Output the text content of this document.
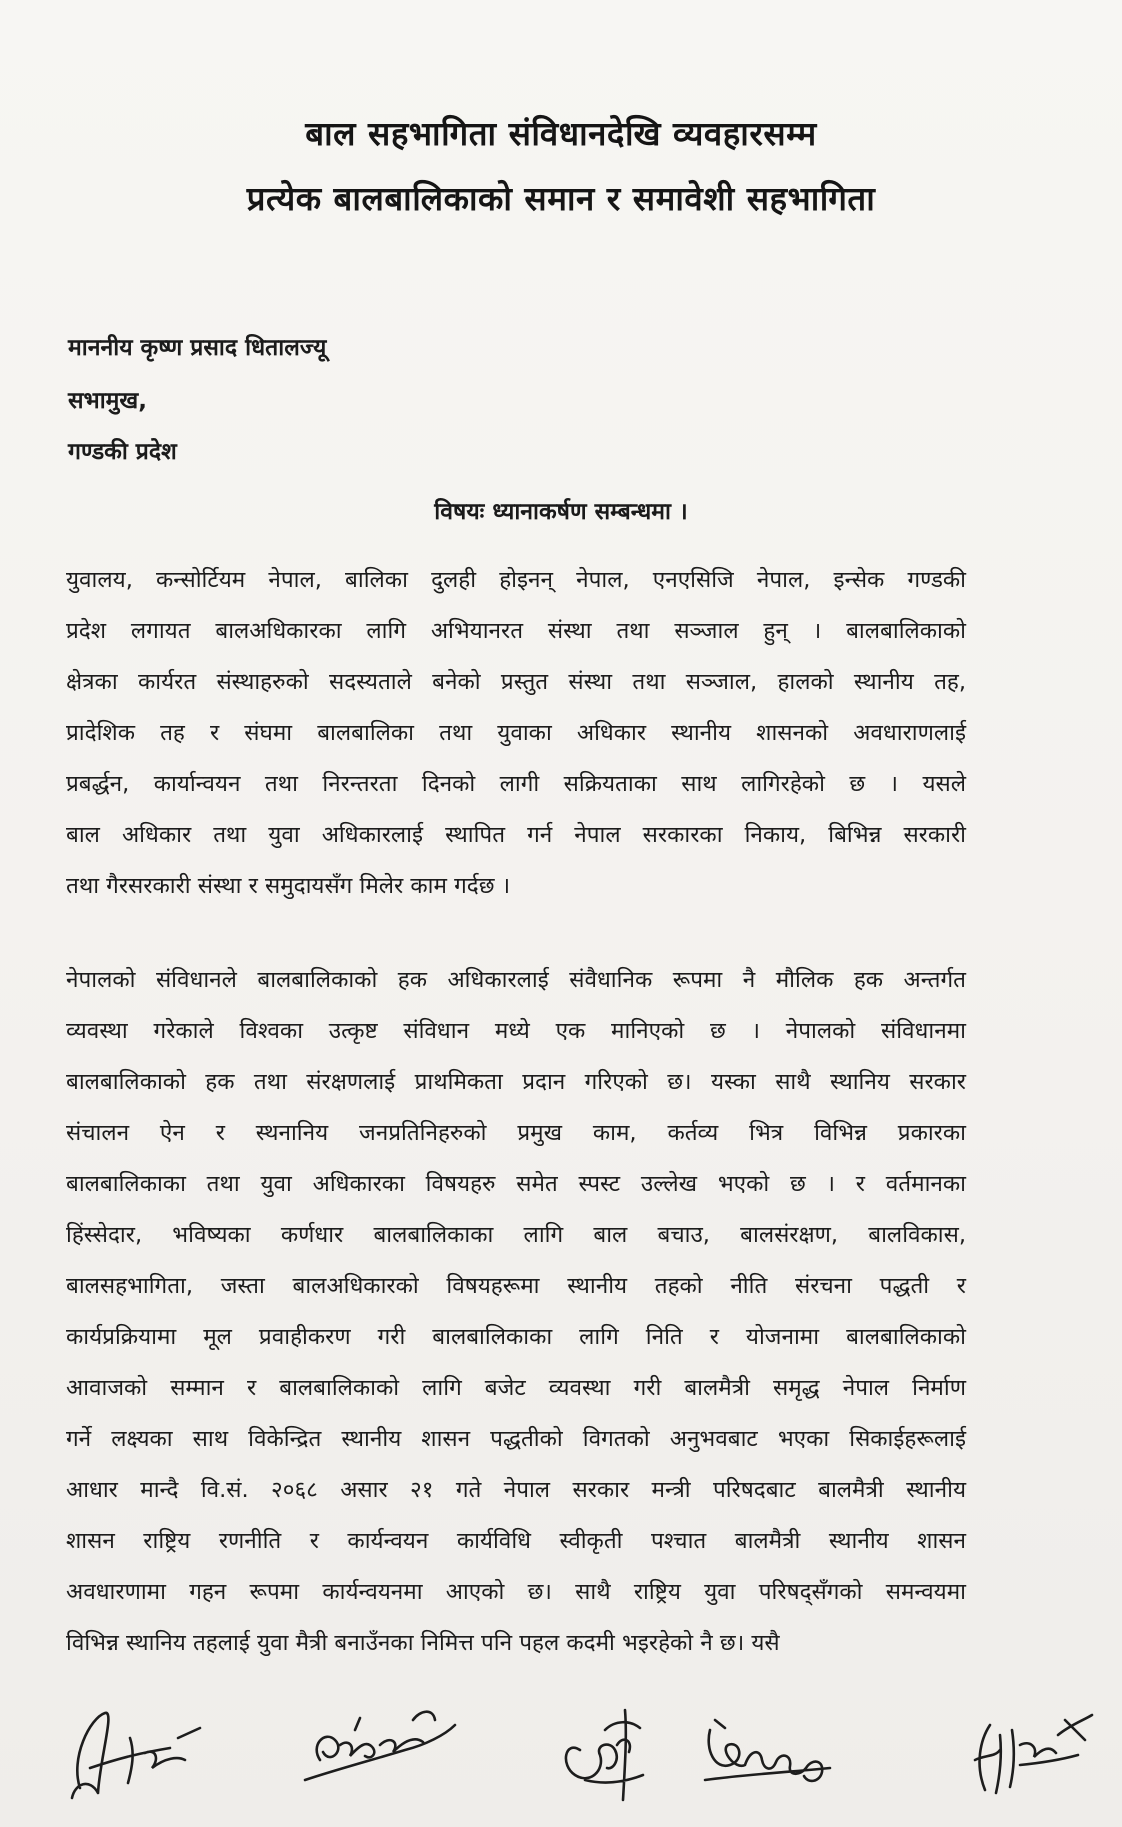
बाल सहभागिता संविधानदेखि व्यवहारसम्म
प्रत्येक बालबालिकाको समान र समावेशी सहभागिता
माननीय कृष्ण प्रसाद धितालज्यू
सभामुख,
गण्डकी प्रदेश
विषयः ध्यानाकर्षण सम्बन्धमा ।
युवालय, कन्सोर्टियम नेपाल, बालिका दुलही होइनन् नेपाल, एनएसिजि नेपाल, इन्सेक गण्डकी
प्रदेश लगायत बालअधिकारका लागि अभियानरत संस्था तथा सञ्जाल हुन् । बालबालिकाको
क्षेत्रका कार्यरत संस्थाहरुको सदस्यताले बनेको प्रस्तुत संस्था तथा सञ्जाल, हालको स्थानीय तह,
प्रादेशिक तह र संघमा बालबालिका तथा युवाका अधिकार स्थानीय शासनको अवधाराणलाई
प्रबर्द्धन, कार्यान्वयन तथा निरन्तरता दिनको लागी सक्रियताका साथ लागिरहेको छ । यसले
बाल अधिकार तथा युवा अधिकारलाई स्थापित गर्न नेपाल सरकारका निकाय, बिभिन्न सरकारी
तथा गैरसरकारी संस्था र समुदायसँग मिलेर काम गर्दछ ।
नेपालको संविधानले बालबालिकाको हक अधिकारलाई संवैधानिक रूपमा नै मौलिक हक अन्तर्गत
व्यवस्था गरेकाले विश्वका उत्कृष्ट संविधान मध्ये एक मानिएको छ । नेपालको संविधानमा
बालबालिकाको हक तथा संरक्षणलाई प्राथमिकता प्रदान गरिएको छ। यस्का साथै स्थानिय सरकार
संचालन ऐन र स्थनानिय जनप्रतिनिहरुको प्रमुख काम, कर्तव्य भित्र विभिन्न प्रकारका
बालबालिकाका तथा युवा अधिकारका विषयहरु समेत स्पस्ट उल्लेख भएको छ । र वर्तमानका
हिंस्सेदार, भविष्यका कर्णधार बालबालिकाका लागि बाल बचाउ, बालसंरक्षण, बालविकास,
बालसहभागिता, जस्ता बालअधिकारको विषयहरूमा स्थानीय तहको नीति संरचना पद्धती र
कार्यप्रक्रियामा मूल प्रवाहीकरण गरी बालबालिकाका लागि निति र योजनामा बालबालिकाको
आवाजको सम्मान र बालबालिकाको लागि बजेट व्यवस्था गरी बालमैत्री समृद्ध नेपाल निर्माण
गर्ने लक्ष्यका साथ विकेन्द्रित स्थानीय शासन पद्धतीको विगतको अनुभवबाट भएका सिकाईहरूलाई
आधार मान्दै वि.सं. २०६८ असार २१ गते नेपाल सरकार मन्त्री परिषदबाट बालमैत्री स्थानीय
शासन राष्ट्रिय रणनीति र कार्यन्वयन कार्यविधि स्वीकृती पश्चात बालमैत्री स्थानीय शासन
अवधारणामा गहन रूपमा कार्यन्वयनमा आएको छ। साथै राष्ट्रिय युवा परिषद्सँगको समन्वयमा
विभिन्न स्थानिय तहलाई युवा मैत्री बनाउँनका निमित्त पनि पहल कदमी भइरहेको नै छ। यसै
